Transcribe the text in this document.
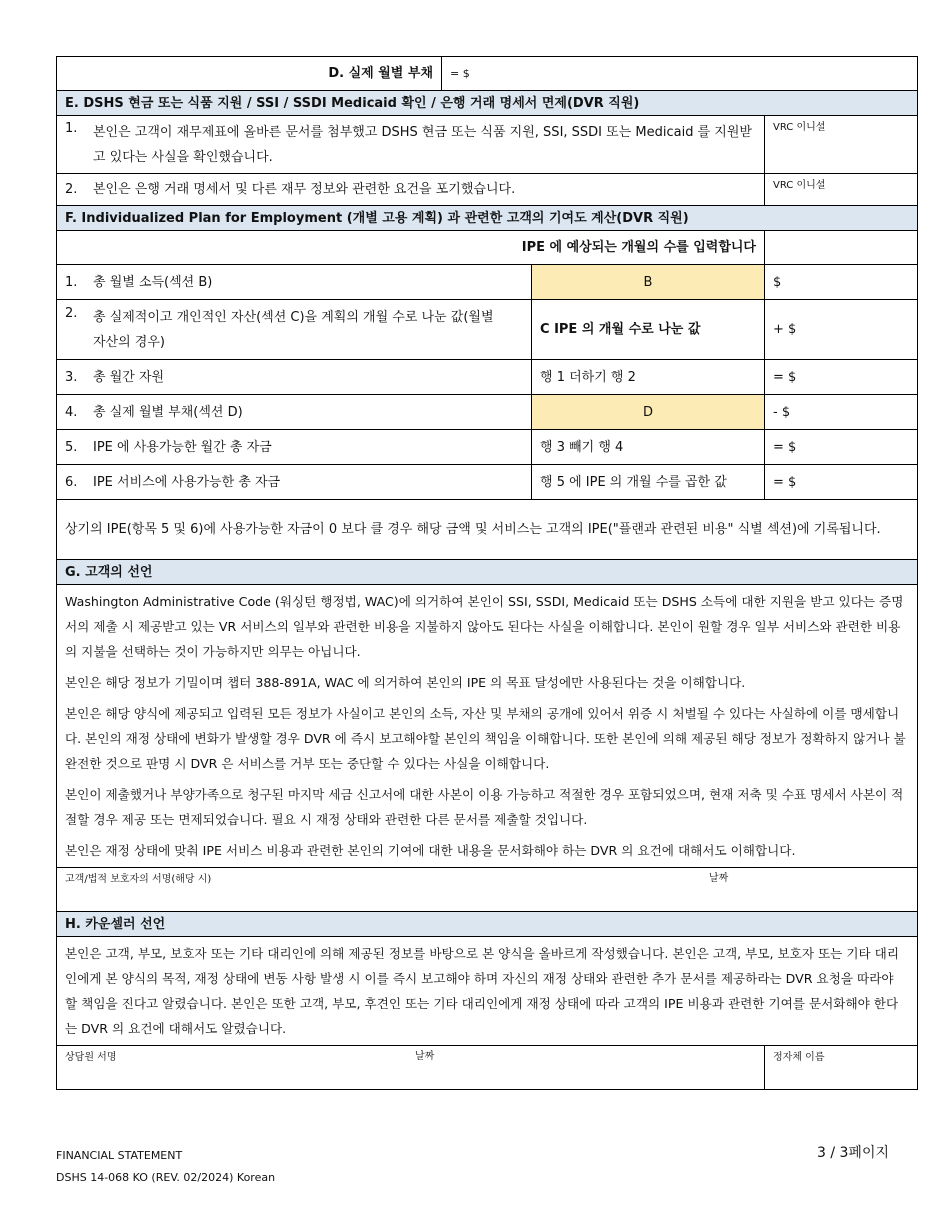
D. 실제 월별 부채	= $		
E. DSHS 현금 또는 식품 지원 / SSI / SSDI Medicaid 확인 / 은행 거래 명세서 면제(DVR 직원)			
1. 본인은 고객이 재무제표에 올바른 문서를 첨부했고 DSHS 현금 또는 식품 지원, SSI, SSDI 또는 Medicaid 를 지원받고 있다는 사실을 확인했습니다.			VRC 이니셜
2. 본인은 은행 거래 명세서 및 다른 재무 정보와 관련한 요건을 포기했습니다.			VRC 이니셜
F. Individualized Plan for Employment (개별 고용 계획) 과 관련한 고객의 기여도 계산(DVR 직원)			
IPE 에 예상되는 개월의 수를 입력합니다			
1. 총 월별 소득(섹션 B)		B	$
2. 총 실제적이고 개인적인 자산(섹션 C)을 계획의 개월 수로 나눈 값(월별 자산의 경우)		C IPE 의 개월 수로 나눈 값	+ $
3. 총 월간 자원		행 1 더하기 행 2	= $
4. 총 실제 월별 부채(섹션 D)		D	- $
5. IPE 에 사용가능한 월간 총 자금		행 3 빼기 행 4	= $
6. IPE 서비스에 사용가능한 총 자금		행 5 에 IPE 의 개월 수를 곱한 값	= $
상기의 IPE(항목 5 및 6)에 사용가능한 자금이 0 보다 클 경우 해당 금액 및 서비스는 고객의 IPE("플랜과 관련된 비용" 식별 섹션)에 기록됩니다.			
G. 고객의 선언			

Washington Administrative Code (워싱턴 행정법, WAC)에 의거하여 본인이 SSI, SSDI, Medicaid 또는 DSHS 소득에 대한 지원을 받고 있다는 증명서의 제출 시 제공받고 있는 VR 서비스의 일부와 관련한 비용을 지불하지 않아도 된다는 사실을 이해합니다. 본인이 원할 경우 일부 서비스와 관련한 비용의 지불을 선택하는 것이 가능하지만 의무는 아닙니다.

본인은 해당 정보가 기밀이며 챕터 388-891A, WAC 에 의거하여 본인의 IPE 의 목표 달성에만 사용된다는 것을 이해합니다.

본인은 해당 양식에 제공되고 입력된 모든 정보가 사실이고 본인의 소득, 자산 및 부채의 공개에 있어서 위증 시 처벌될 수 있다는 사실하에 이를 맹세합니다. 본인의 재정 상태에 변화가 발생할 경우 DVR 에 즉시 보고해야할 본인의 책임을 이해합니다. 또한 본인에 의해 제공된 해당 정보가 정확하지 않거나 불완전한 것으로 판명 시 DVR 은 서비스를 거부 또는 중단할 수 있다는 사실을 이해합니다.

본인이 제출했거나 부양가족으로 청구된 마지막 세금 신고서에 대한 사본이 이용 가능하고 적절한 경우 포함되었으며, 현재 저축 및 수표 명세서 사본이 적절할 경우 제공 또는 면제되었습니다. 필요 시 재정 상태와 관련한 다른 문서를 제출할 것입니다.

본인은 재정 상태에 맞춰 IPE 서비스 비용과 관련한 본인의 기여에 대한 내용을 문서화해야 하는 DVR 의 요건에 대해서도 이해합니다.			

고객/법적 보호자의 서명(해당 시) 날짜			

H. 카운셀러 선언			

본인은 고객, 부모, 보호자 또는 기타 대리인에 의해 제공된 정보를 바탕으로 본 양식을 올바르게 작성했습니다. 본인은 고객, 부모, 보호자 또는 기타 대리인에게 본 양식의 목적, 재정 상태에 변동 사항 발생 시 이를 즉시 보고해야 하며 자신의 재정 상태와 관련한 추가 문서를 제공하라는 DVR 요청을 따라야 할 책임을 진다고 알렸습니다. 본인은 또한 고객, 부모, 후견인 또는 기타 대리인에게 재정 상태에 따라 고객의 IPE 비용과 관련한 기여를 문서화해야 한다는 DVR 의 요건에 대해서도 알렸습니다.			

상담원 서명 날짜			정자체 이름
FINANCIAL STATEMENT
DSHS 14-068 KO (REV. 02/2024) Korean
3 / 3페이지
